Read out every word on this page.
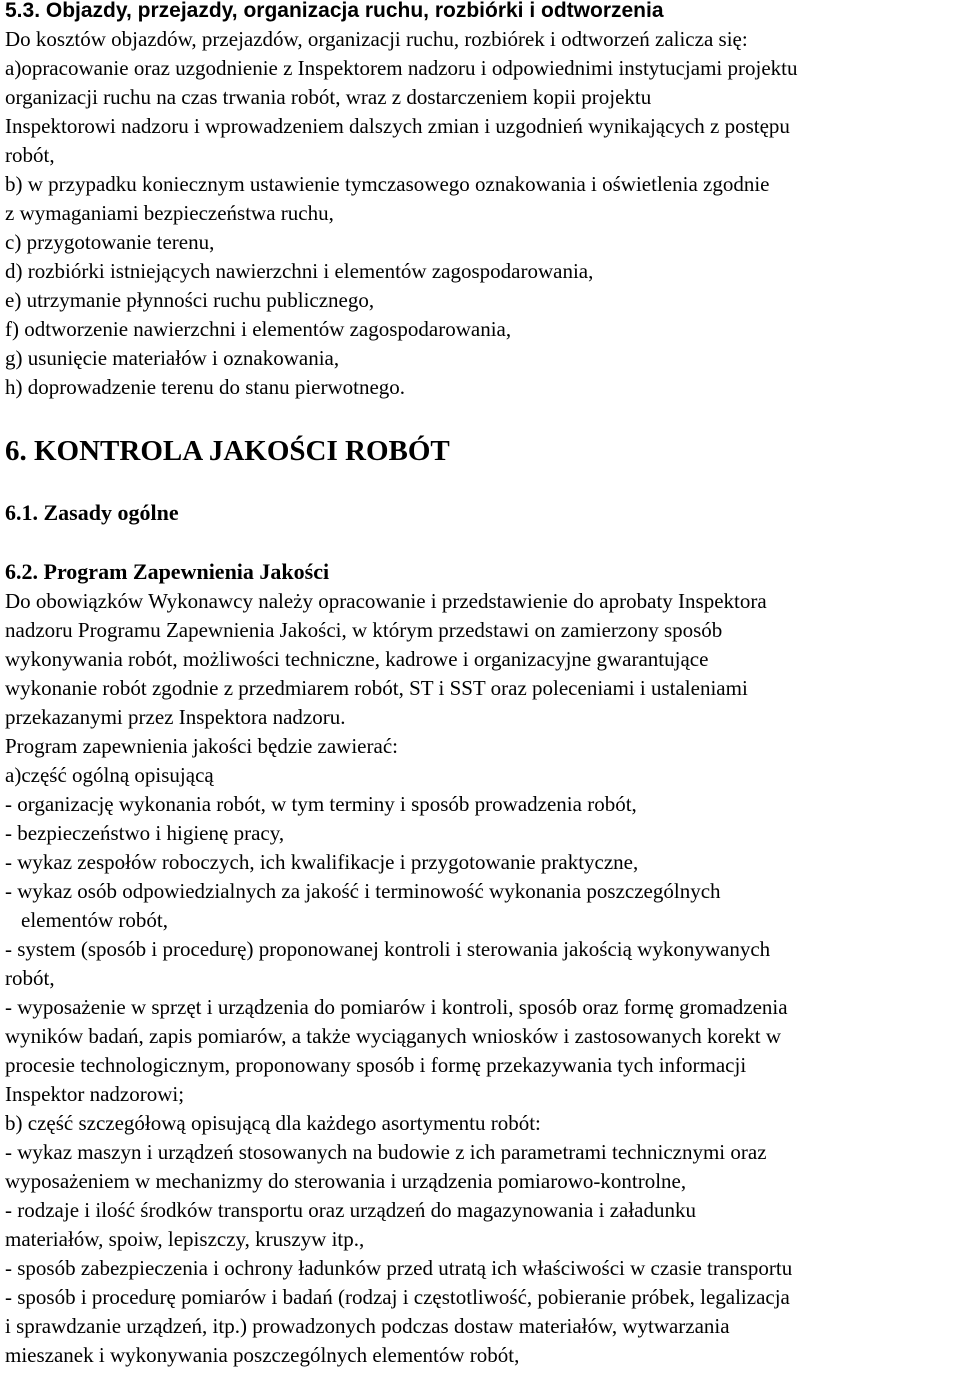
5.3. Objazdy, przejazdy, organizacja ruchu, rozbiórki i odtworzenia
Do kosztów objazdów, przejazdów, organizacji ruchu, rozbiórek i odtworzeń zalicza się:
a)opracowanie oraz uzgodnienie z Inspektorem nadzoru i odpowiednimi instytucjami projektu
organizacji ruchu na czas trwania robót, wraz z dostarczeniem kopii projektu
Inspektorowi nadzoru i wprowadzeniem dalszych zmian i uzgodnień wynikających z postępu
robót,
b) w przypadku koniecznym ustawienie tymczasowego oznakowania i oświetlenia zgodnie
z wymaganiami bezpieczeństwa ruchu,
c) przygotowanie terenu,
d) rozbiórki istniejących nawierzchni i elementów zagospodarowania,
e) utrzymanie płynności ruchu publicznego,
f) odtworzenie nawierzchni i elementów zagospodarowania,
g) usunięcie materiałów i oznakowania,
h) doprowadzenie terenu do stanu pierwotnego.
6. KONTROLA JAKOŚCI ROBÓT
6.1. Zasady ogólne
6.2. Program Zapewnienia Jakości
Do obowiązków Wykonawcy należy opracowanie i przedstawienie do aprobaty Inspektora
nadzoru Programu Zapewnienia Jakości, w którym przedstawi on zamierzony sposób
wykonywania robót, możliwości techniczne, kadrowe i organizacyjne gwarantujące
wykonanie robót zgodnie z przedmiarem robót, ST i SST oraz poleceniami i ustaleniami
przekazanymi przez Inspektora nadzoru.
Program zapewnienia jakości będzie zawierać:
a)część ogólną opisującą
- organizację wykonania robót, w tym terminy i sposób prowadzenia robót,
- bezpieczeństwo i higienę pracy,
- wykaz zespołów roboczych, ich kwalifikacje i przygotowanie praktyczne,
- wykaz osób odpowiedzialnych za jakość i terminowość wykonania poszczególnych
elementów robót,
- system (sposób i procedurę) proponowanej kontroli i sterowania jakością wykonywanych
robót,
- wyposażenie w sprzęt i urządzenia do pomiarów i kontroli, sposób oraz formę gromadzenia
wyników badań, zapis pomiarów, a także wyciąganych wniosków i zastosowanych korekt w
procesie technologicznym, proponowany sposób i formę przekazywania tych informacji
Inspektor nadzorowi;
b) część szczegółową opisującą dla każdego asortymentu robót:
- wykaz maszyn i urządzeń stosowanych na budowie z ich parametrami technicznymi oraz
wyposażeniem w mechanizmy do sterowania i urządzenia pomiarowo-kontrolne,
- rodzaje i ilość środków transportu oraz urządzeń do magazynowania i załadunku
materiałów, spoiw, lepiszczy, kruszyw itp.,
- sposób zabezpieczenia i ochrony ładunków przed utratą ich właściwości w czasie transportu
- sposób i procedurę pomiarów i badań (rodzaj i częstotliwość, pobieranie próbek, legalizacja
i sprawdzanie urządzeń, itp.) prowadzonych podczas dostaw materiałów, wytwarzania
mieszanek i wykonywania poszczególnych elementów robót,
